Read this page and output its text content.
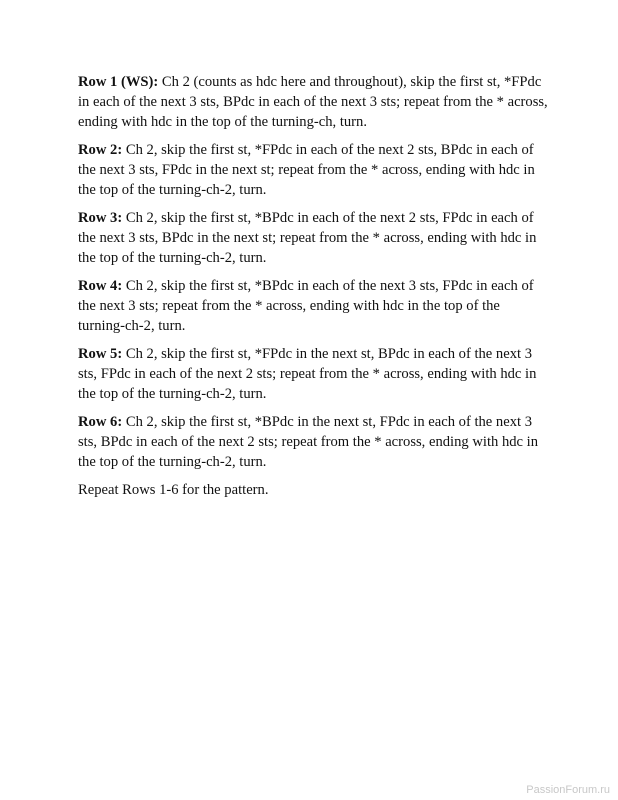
Row 1 (WS): Ch 2 (counts as hdc here and throughout), skip the first st, *FPdc in each of the next 3 sts, BPdc in each of the next 3 sts; repeat from the * across, ending with hdc in the top of the turning-ch, turn.

Row 2: Ch 2, skip the first st, *FPdc in each of the next 2 sts, BPdc in each of the next 3 sts, FPdc in the next st; repeat from the * across, ending with hdc in the top of the turning-ch-2, turn.

Row 3: Ch 2, skip the first st, *BPdc in each of the next 2 sts, FPdc in each of the next 3 sts, BPdc in the next st; repeat from the * across, ending with hdc in the top of the turning-ch-2, turn.

Row 4: Ch 2, skip the first st, *BPdc in each of the next 3 sts, FPdc in each of the next 3 sts; repeat from the * across, ending with hdc in the top of the turning-ch-2, turn.

Row 5: Ch 2, skip the first st, *FPdc in the next st, BPdc in each of the next 3 sts, FPdc in each of the next 2 sts; repeat from the * across, ending with hdc in the top of the turning-ch-2, turn.

Row 6: Ch 2, skip the first st, *BPdc in the next st, FPdc in each of the next 3 sts, BPdc in each of the next 2 sts; repeat from the * across, ending with hdc in the top of the turning-ch-2, turn.

Repeat Rows 1-6 for the pattern.

PassionForum.ru
